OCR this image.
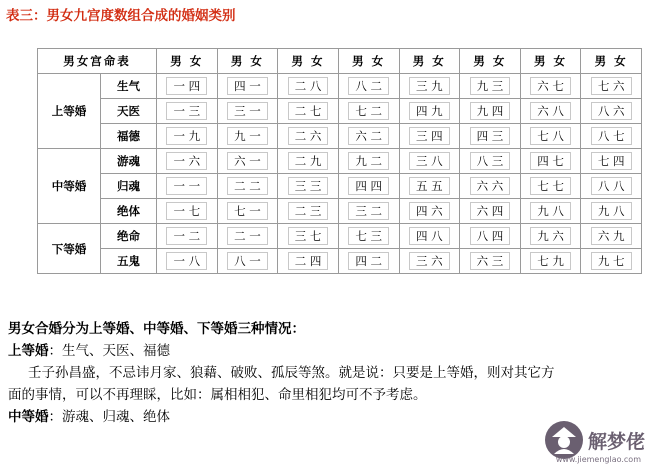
表三：男女九宫度数组合成的婚姻类别
男女宫命表		男 女	男 女	男 女	男 女	男 女	男 女	男 女	男 女
上等婚	生气	一 四	四 一	二 八	八 二	三 九	九 三	六 七	七 六
	天医	一 三	三 一	二 七	七 二	四 九	九 四	六 八	八 六
	福德	一 九	九 一	二 六	六 二	三 四	四 三	七 八	八 七
中等婚	游魂	一 六	六 一	二 九	九 二	三 八	八 三	四 七	七 四
	归魂	一 一	二 二	三 三	四 四	五 五	六 六	七 七	八 八
	绝体	一 七	七 一	二 三	三 二	四 六	六 四	九 八	九 八
下等婚	绝命	一 二	二 一	三 七	七 三	四 八	八 四	九 六	六 九
	五鬼	一 八	八 一	二 四	四 二	三 六	六 三	七 九	九 七

男女合婚分为上等婚、中等婚、下等婚三种情况：

上等婚：生气、天医、福德

壬子孙昌盛，不忌讳月家、狼藉、破败、孤辰等煞。就是说：只要是上等婚，则对其它方

面的事情，可以不再理睬，比如：属相相犯、命里相犯均可不予考虑。

中等婚：游魂、归魂、绝体

解梦佬
www.jiemenglao.com
